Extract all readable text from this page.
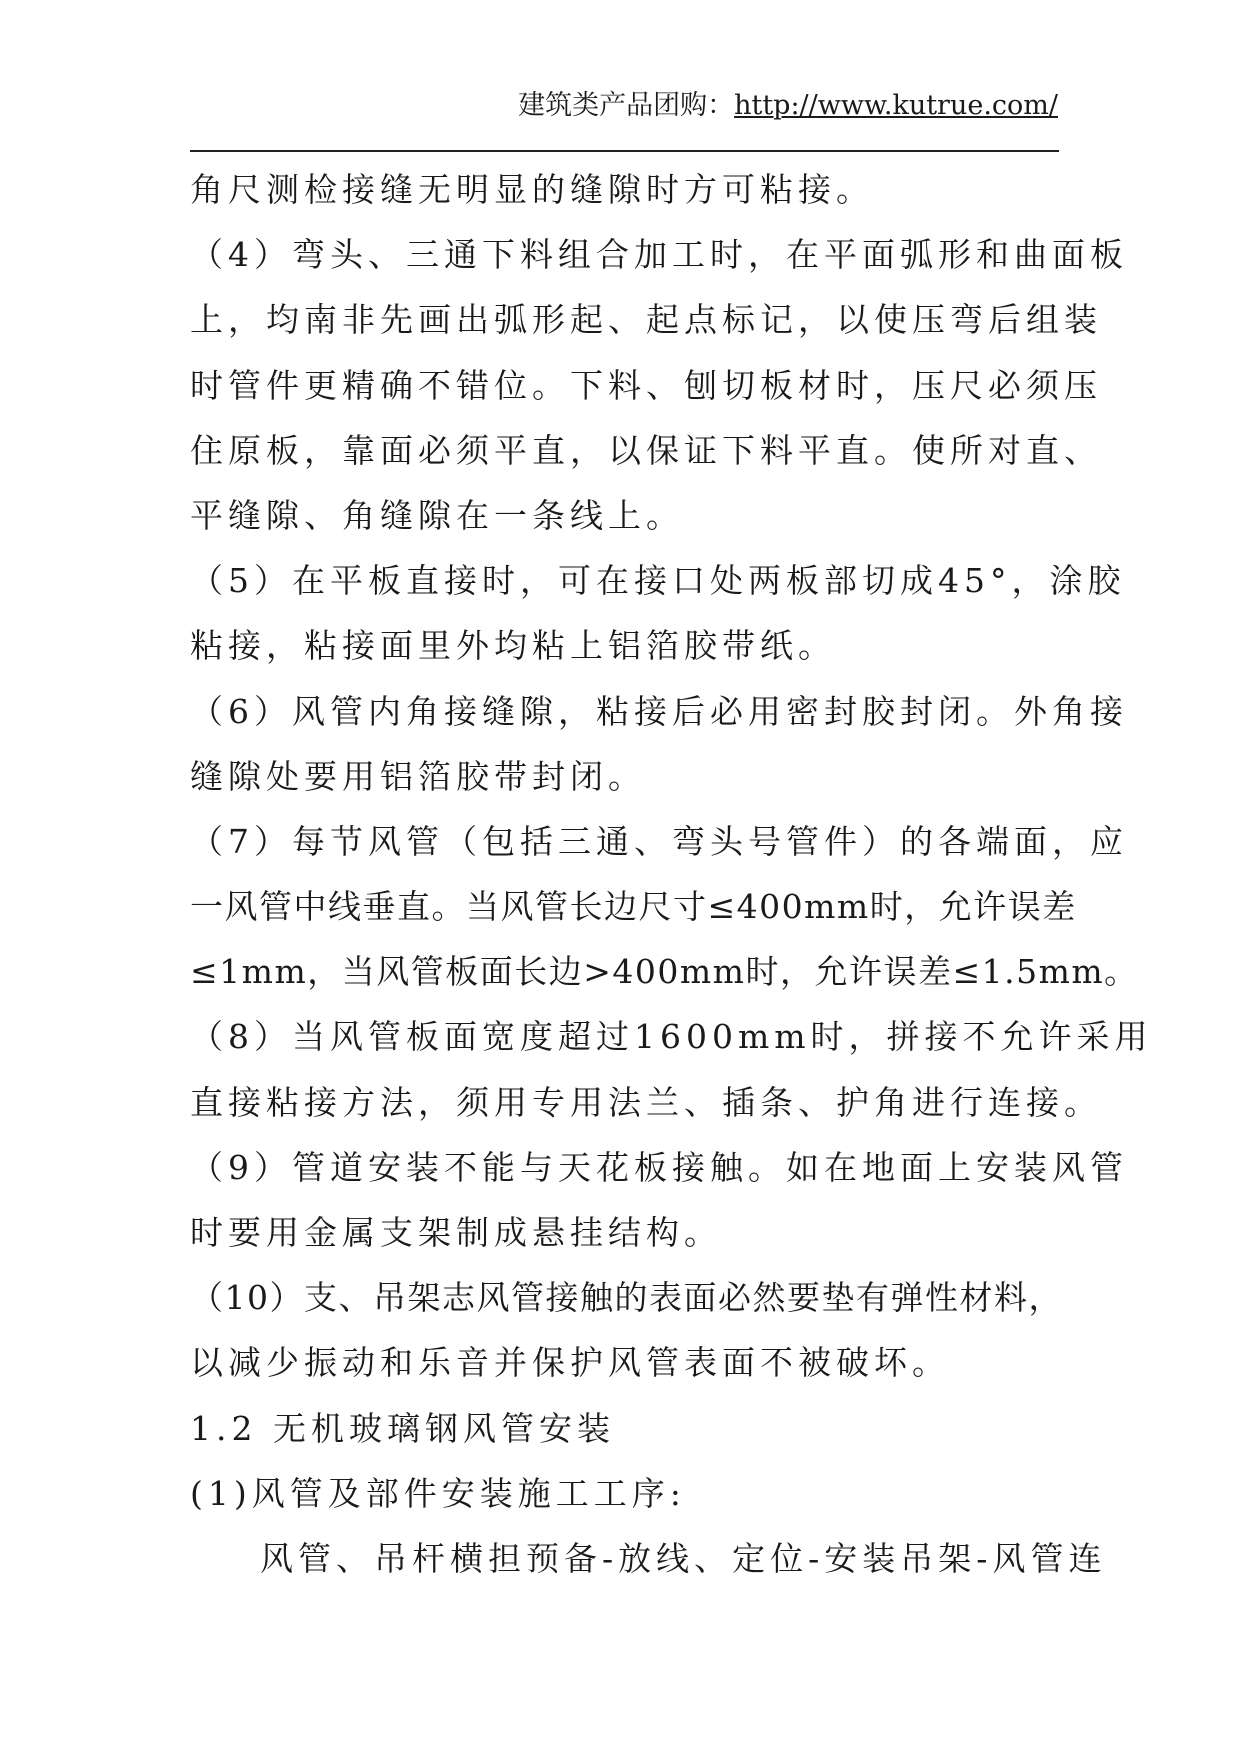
建筑类产品团购：http://www.kutrue.com/
角尺测检接缝无明显的缝隙时方可粘接。
（4）弯头、三通下料组合加工时，在平面弧形和曲面板
上，均南非先画出弧形起、起点标记，以使压弯后组装
时管件更精确不错位。下料、刨切板材时，压尺必须压
住原板，靠面必须平直，以保证下料平直。使所对直、
平缝隙、角缝隙在一条线上。
（5）在平板直接时，可在接口处两板部切成45°，涂胶
粘接，粘接面里外均粘上铝箔胶带纸。
（6）风管内角接缝隙，粘接后必用密封胶封闭。外角接
缝隙处要用铝箔胶带封闭。
（7）每节风管（包括三通、弯头号管件）的各端面，应
一风管中线垂直。当风管长边尺寸≤400mm时，允许误差
≤1mm，当风管板面长边>400mm时，允许误差≤1.5mm。
（8）当风管板面宽度超过1600mm时，拼接不允许采用
直接粘接方法，须用专用法兰、插条、护角进行连接。
（9）管道安装不能与天花板接触。如在地面上安装风管
时要用金属支架制成悬挂结构。
（10）支、吊架志风管接触的表面必然要垫有弹性材料，
以减少振动和乐音并保护风管表面不被破坏。
1.2 无机玻璃钢风管安装
(1)风管及部件安装施工工序:
风管、吊杆横担预备-放线、定位-安装吊架-风管连
